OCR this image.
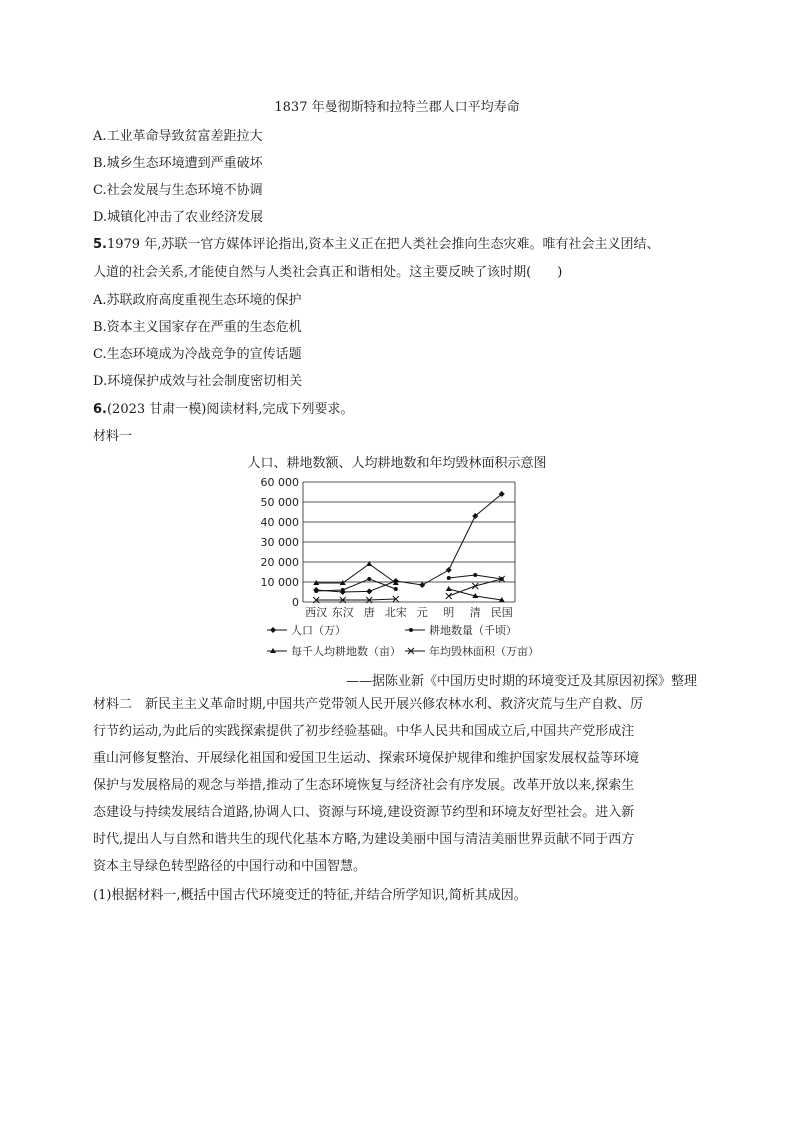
1837 年曼彻斯特和拉特兰郡人口平均寿命
A.工业革命导致贫富差距拉大
B.城乡生态环境遭到严重破坏
C.社会发展与生态环境不协调
D.城镇化冲击了农业经济发展
5.1979 年,苏联一官方媒体评论指出,资本主义正在把人类社会推向生态灾难。唯有社会主义团结、
人道的社会关系,才能使自然与人类社会真正和谐相处。这主要反映了该时期(　　)
A.苏联政府高度重视生态环境的保护
B.资本主义国家存在严重的生态危机
C.生态环境成为冷战竞争的宣传话题
D.环境保护成效与社会制度密切相关
6.(2023 甘肃一模)阅读材料,完成下列要求。
材料一
人口、耕地数额、人均耕地数和年均毁林面积示意图
0
10 000
20 000
30 000
40 000
50 000
60 000
西汉 东汉 唐 北宋 元 明 清 民国
人口（万）	耕地数量（千顷）
每千人均耕地数（亩）	年均毁林面积（万亩）
——据陈业新《中国历史时期的环境变迁及其原因初探》整理
材料二　新民主主义革命时期,中国共产党带领人民开展兴修农林水利、救济灾荒与生产自救、厉
行节约运动,为此后的实践探索提供了初步经验基础。中华人民共和国成立后,中国共产党形成注
重山河修复整治、开展绿化祖国和爱国卫生运动、探索环境保护规律和维护国家发展权益等环境
保护与发展格局的观念与举措,推动了生态环境恢复与经济社会有序发展。改革开放以来,探索生
态建设与持续发展结合道路,协调人口、资源与环境,建设资源节约型和环境友好型社会。进入新
时代,提出人与自然和谐共生的现代化基本方略,为建设美丽中国与清洁美丽世界贡献不同于西方
资本主导绿色转型路径的中国行动和中国智慧。
(1)根据材料一,概括中国古代环境变迁的特征,并结合所学知识,简析其成因。
